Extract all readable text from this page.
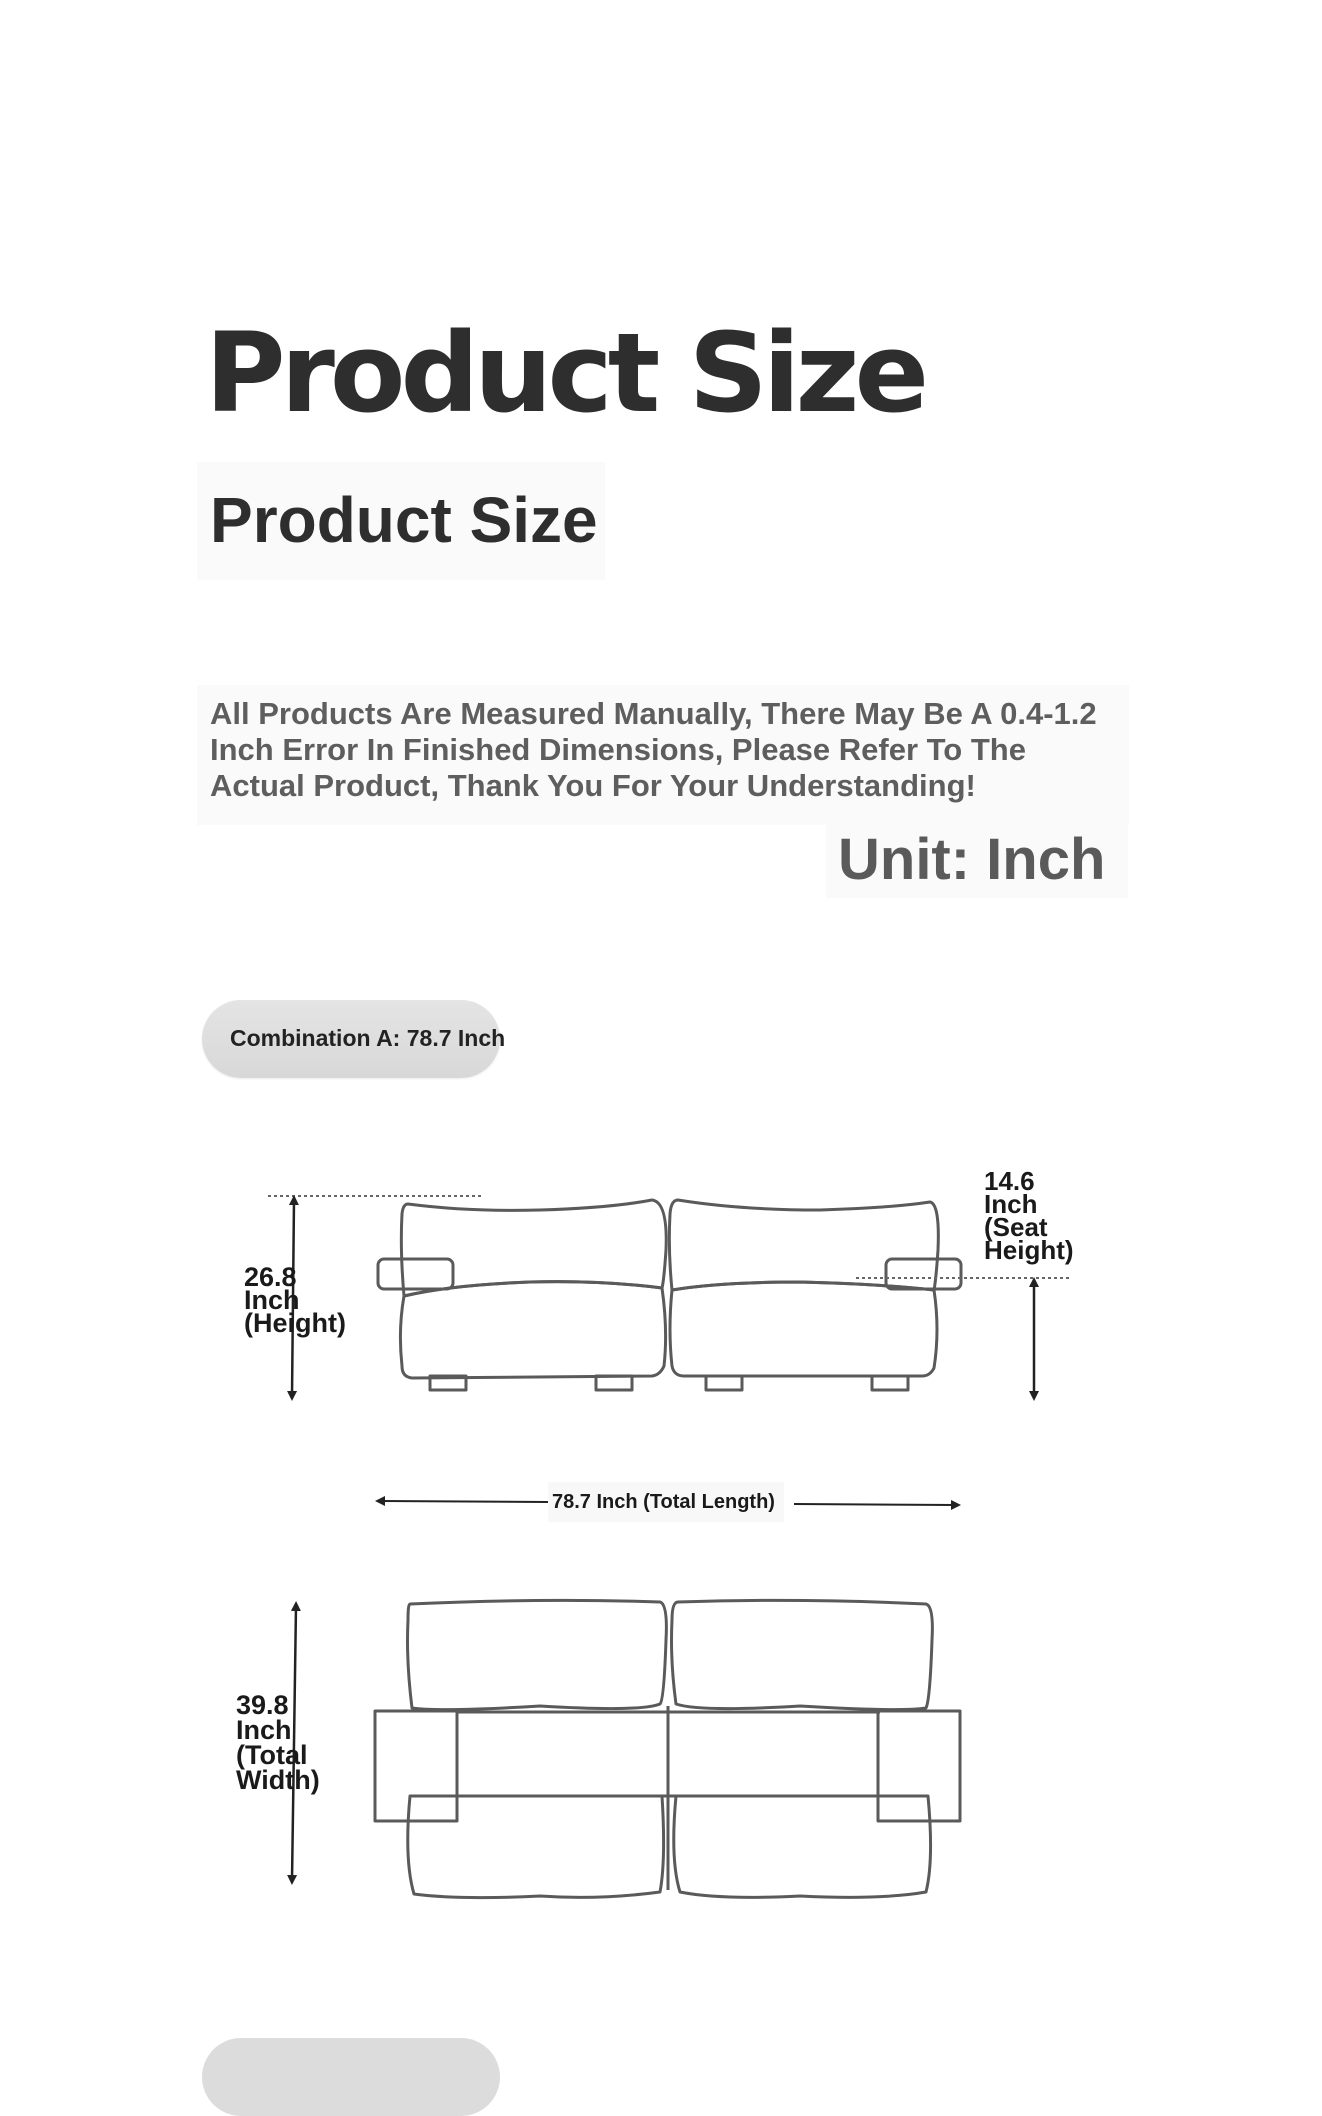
Product Size
Product Size
All Products Are Measured Manually, There May Be A 0.4-1.2 Inch Error In Finished Dimensions, Please Refer To The Actual Product, Thank You For Your Understanding!
Unit: Inch
Combination A: 78.7 Inch
26.8
Inch
(Height)
14.6
Inch
(Seat
Height)
78.7 Inch (Total Length)
39.8
Inch
(Total
Width)
